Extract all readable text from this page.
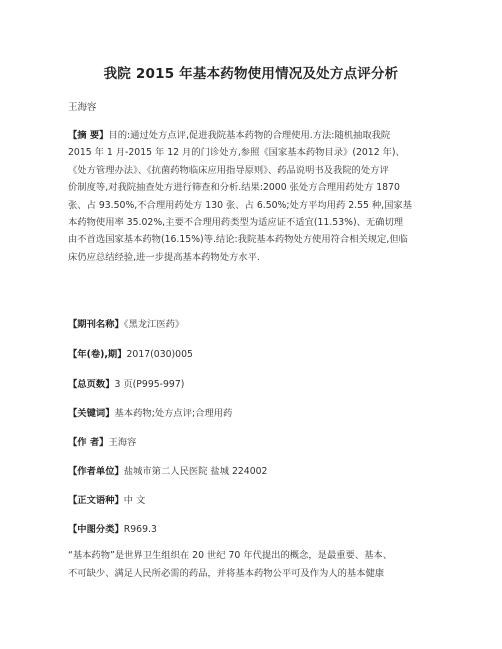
我院 2015 年基本药物使用情况及处方点评分析
王海容
【摘 要】目的:通过处方点评,促进我院基本药物的合理使用.方法:随机抽取我院
2015 年 1 月-2015 年 12 月的门诊处方,参照《国家基本药物目录》(2012 年)、
《处方管理办法》、《抗菌药物临床应用指导原则》、药品说明书及我院的处方评
价制度等,对我院抽查处方进行筛查和分析.结果:2000 张处方合理用药处方 1870
张、占 93.50%,不合理用药处方 130 张、占 6.50%;处方平均用药 2.55 种,国家基
本药物使用率 35.02%,主要不合理用药类型为适应证不适宜(11.53%)、无确切理
由不首选国家基本药物(16.15%)等.结论:我院基本药物处方使用符合相关规定,但临
床仍应总结经验,进一步提高基本药物处方水平.
【期刊名称】《黑龙江医药》
【年(卷),期】2017(030)005
【总页数】3 页(P995-997)
【关键词】基本药物;处方点评;合理用药
【作 者】王海容
【作者单位】盐城市第二人民医院 盐城 224002
【正文语种】中 文
【中图分类】R969.3
“基本药物”是世界卫生组织在 20 世纪 70 年代提出的概念，是最重要、基本、
不可缺少、满足人民所必需的药品，并将基本药物公平可及作为人的基本健康
